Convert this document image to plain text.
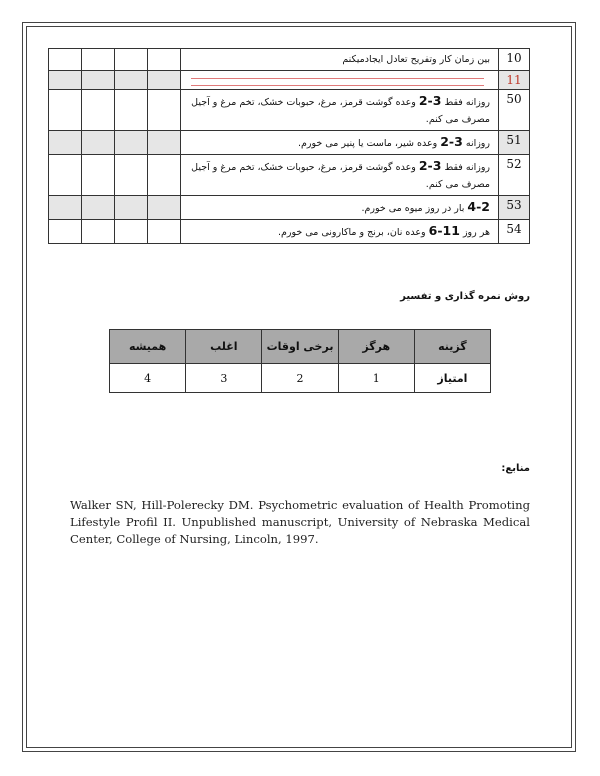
10	بین زمان کار وتفریح تعادل ایجادمیکنم				
11	

50	روزانه فقط 3-2 وعده گوشت قرمز، مرغ، حبوبات خشک، تخم مرغ و آجیل مصرف می کنم.				
51	روزانه 3-2 وعده شیر، ماست یا پنیر می خورم.				
52	روزانه فقط 3-2 وعده گوشت قرمز، مرغ، حبوبات خشک، تخم مرغ و آجیل مصرف می کنم.				
53	4-2 بار در روز میوه می خورم.				
54	هر روز 11-6 وعده نان، برنج و ماکارونی می خورم.				
روش نمره گذاری و تفسیر
گزینه	هرگز	برخی اوقات	اغلب	همیشه
امتیاز	1	2	3	4
منابع:
Walker SN, Hill-Polerecky DM. Psychometric evaluation of Health Promoting Lifestyle Profil II. Unpublished manuscript, University of Nebraska Medical Center, College of Nursing, Lincoln, 1997.
